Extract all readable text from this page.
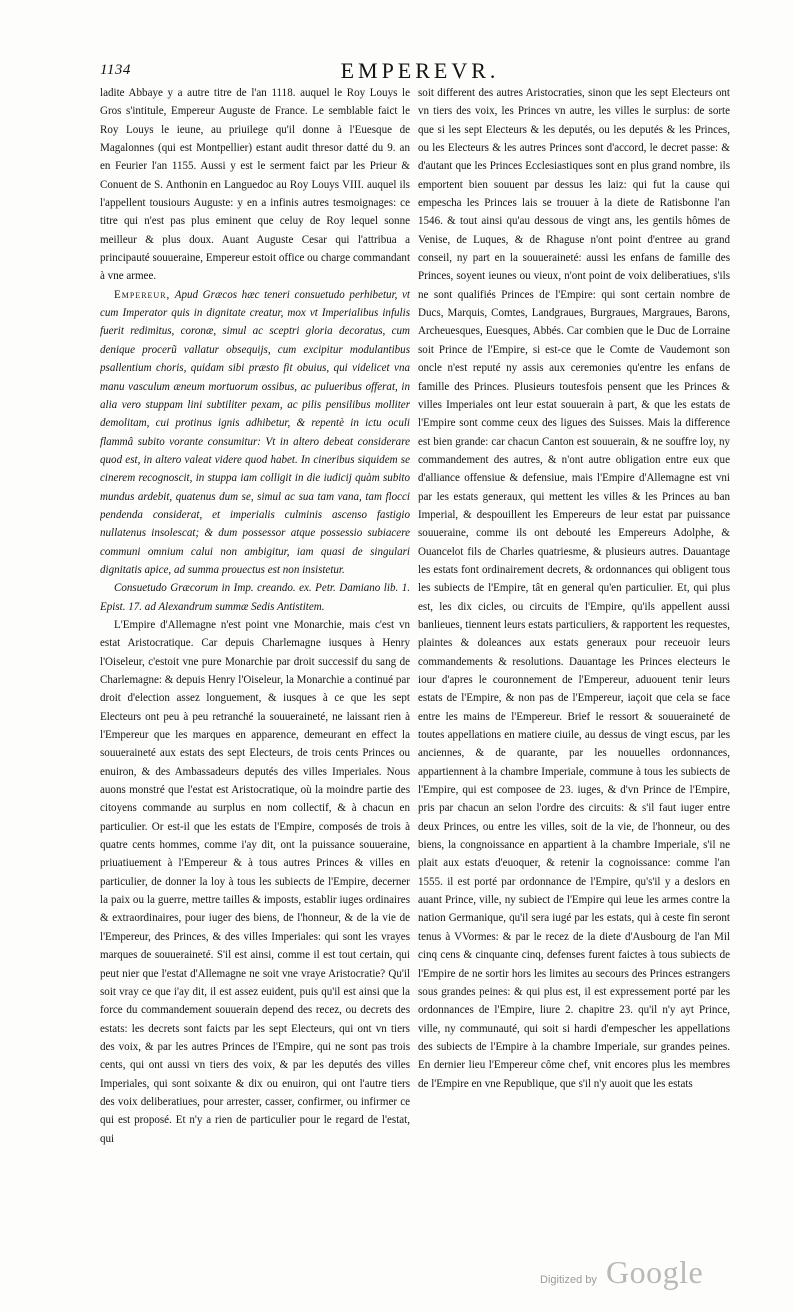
1134	EMPEREVR.

ladite Abbaye y a autre titre de l'an 1118. auquel le Roy Louys le Gros s'intitule, Empereur Auguste de France. Le semblable faict le Roy Louys le ieune, au priuilege qu'il donne à l'Euesque de Magalonnes (qui est Montpellier) estant audit thresor datté du 9. an en Feurier l'an 1155. Aussi y est le serment faict par les Prieur & Conuent de S. Anthonin en Languedoc au Roy Louys VIII. auquel ils l'appellent tousiours Auguste: y en a infinis autres tesmoignages: ce titre qui n'est pas plus eminent que celuy de Roy lequel sonne meilleur & plus doux. Auant Auguste Cesar qui l'attribua a principauté souueraine, Empereur estoit office ou charge commandant à vne armee.

Empereur, Apud Græcos hæc teneri consuetudo perhibetur, vt cum Imperator quis in dignitate creatur, mox vt Imperialibus infulis fuerit redimitus, coronæ, simul ac sceptri gloria decoratus, cum denique procerũ vallatur obsequijs, cum excipitur modulantibus psallentium choris, quidam sibi præsto fit obuius, qui videlicet vna manu vasculum æneum mortuorum ossibus, ac pulueribus offerat, in alia vero stuppam lini subtiliter pexam, ac pilis pensilibus molliter demolitam, cui protinus ignis adhibetur, & repentè in ictu oculi flammâ subito vorante consumitur: Vt in altero debeat considerare quod est, in altero valeat videre quod habet. In cineribus siquidem se cinerem recognoscit, in stuppa iam colligit in die iudicij quàm subito mundus ardebit, quatenus dum se, simul ac sua tam vana, tam flocci pendenda considerat, et imperialis culminis ascenso fastigio nullatenus insolescat; & dum possessor atque possessio subiacere communi omnium calui non ambigitur, iam quasi de singulari dignitatis apice, ad summa prouectus est non insistetur.

Consuetudo Græcorum in Imp. creando. ex. Petr. Damiano lib. 1. Epist. 17. ad Alexandrum summæ Sedis Antistitem.

L'Empire d'Allemagne n'est point vne Monarchie, mais c'est vn estat Aristocratique. Car depuis Charlemagne iusques à Henry l'Oiseleur, c'estoit vne pure Monarchie par droit successif du sang de Charlemagne: & depuis Henry l'Oiseleur, la Monarchie a continué par droit d'election assez longuement, & iusques à ce que les sept Electeurs ont peu à peu retranché la souueraineté, ne laissant rien à l'Empereur que les marques en apparence, demeurant en effect la souueraineté aux estats des sept Electeurs, de trois cents Princes ou enuiron, & des Ambassadeurs deputés des villes Imperiales. Nous auons monstré que l'estat est Aristocratique, où la moindre partie des citoyens commande au surplus en nom collectif, & à chacun en particulier. Or est-il que les estats de l'Empire, composés de trois à quatre cents hommes, comme i'ay dit, ont la puissance souueraine, priuatiuement à l'Empereur & à tous autres Princes & villes en particulier, de donner la loy à tous les subiects de l'Empire, decerner la paix ou la guerre, mettre tailles & imposts, establir iuges ordinaires & extraordinaires, pour iuger des biens, de l'honneur, & de la vie de l'Empereur, des Princes, & des villes Imperiales: qui sont les vrayes marques de souueraineté. S'il est ainsi, comme il est tout certain, qui peut nier que l'estat d'Allemagne ne soit vne vraye Aristocratie? Qu'il soit vray ce que i'ay dit, il est assez euident, puis qu'il est ainsi que la force du commandement souuerain depend des recez, ou decrets des estats: les decrets sont faicts par les sept Electeurs, qui ont vn tiers des voix, & par les autres Princes de l'Empire, qui ne sont pas trois cents, qui ont aussi vn tiers des voix, & par les deputés des villes Imperiales, qui sont soixante & dix ou enuiron, qui ont l'autre tiers des voix deliberatiues, pour arrester, casser, confirmer, ou infirmer ce qui est proposé. Et n'y a rien de particulier pour le regard de l'estat, qui

soit different des autres Aristocraties, sinon que les sept Electeurs ont vn tiers des voix, les Princes vn autre, les villes le surplus: de sorte que si les sept Electeurs & les deputés, ou les deputés & les Princes, ou les Electeurs & les autres Princes sont d'accord, le decret passe: & d'autant que les Princes Ecclesiastiques sont en plus grand nombre, ils emportent bien souuent par dessus les laiz: qui fut la cause qui empescha les Princes lais se trouuer à la diete de Ratisbonne l'an 1546. & tout ainsi qu'au dessous de vingt ans, les gentils hômes de Venise, de Luques, & de Rhaguse n'ont point d'entree au grand conseil, ny part en la souueraineté: aussi les enfans de famille des Princes, soyent ieunes ou vieux, n'ont point de voix deliberatiues, s'ils ne sont qualifiés Princes de l'Empire: qui sont certain nombre de Ducs, Marquis, Comtes, Landgraues, Burgraues, Margraues, Barons, Archeuesques, Euesques, Abbés. Car combien que le Duc de Lorraine soit Prince de l'Empire, si est-ce que le Comte de Vaudemont son oncle n'est reputé ny assis aux ceremonies qu'entre les enfans de famille des Princes. Plusieurs toutesfois pensent que les Princes & villes Imperiales ont leur estat souuerain à part, & que les estats de l'Empire sont comme ceux des ligues des Suisses. Mais la difference est bien grande: car chacun Canton est souuerain, & ne souffre loy, ny commandement des autres, & n'ont autre obligation entre eux que d'alliance offensiue & defensiue, mais l'Empire d'Allemagne est vni par les estats generaux, qui mettent les villes & les Princes au ban Imperial, & despouillent les Empereurs de leur estat par puissance souueraine, comme ils ont debouté les Empereurs Adolphe, & Ouancelot fils de Charles quatriesme, & plusieurs autres. Dauantage les estats font ordinairement decrets, & ordonnances qui obligent tous les subiects de l'Empire, tât en general qu'en particulier. Et, qui plus est, les dix cicles, ou circuits de l'Empire, qu'ils appellent aussi banlieues, tiennent leurs estats particuliers, & rapportent les requestes, plaintes & doleances aux estats generaux pour receuoir leurs commandements & resolutions. Dauantage les Princes electeurs le iour d'apres le couronnement de l'Empereur, aduouent tenir leurs estats de l'Empire, & non pas de l'Empereur, iaçoit que cela se face entre les mains de l'Empereur. Brief le ressort & souueraineté de toutes appellations en matiere ciuile, au dessus de vingt escus, par les anciennes, & de quarante, par les nouuelles ordonnances, appartiennent à la chambre Imperiale, commune à tous les subiects de l'Empire, qui est composee de 23. iuges, & d'vn Prince de l'Empire, pris par chacun an selon l'ordre des circuits: & s'il faut iuger entre deux Princes, ou entre les villes, soit de la vie, de l'honneur, ou des biens, la congnoissance en appartient à la chambre Imperiale, s'il ne plait aux estats d'euoquer, & retenir la cognoissance: comme l'an 1555. il est porté par ordonnance de l'Empire, qu's'il y a deslors en auant Prince, ville, ny subiect de l'Empire qui leue les armes contre la nation Germanique, qu'il sera iugé par les estats, qui à ceste fin seront tenus à VVormes: & par le recez de la diete d'Ausbourg de l'an Mil cinq cens & cinquante cinq, defenses furent faictes à tous subiects de l'Empire de ne sortir hors les limites au secours des Princes estrangers sous grandes peines: & qui plus est, il est expressement porté par les ordonnances de l'Empire, liure 2. chapitre 23. qu'il n'y ayt Prince, ville, ny communauté, qui soit si hardi d'empescher les appellations des subiects de l'Empire à la chambre Imperiale, sur grandes peines. En dernier lieu l'Empereur côme chef, vnit encores plus les membres de l'Empire en vne Republique, que s'il n'y auoit que les estats

Digitized by Google
